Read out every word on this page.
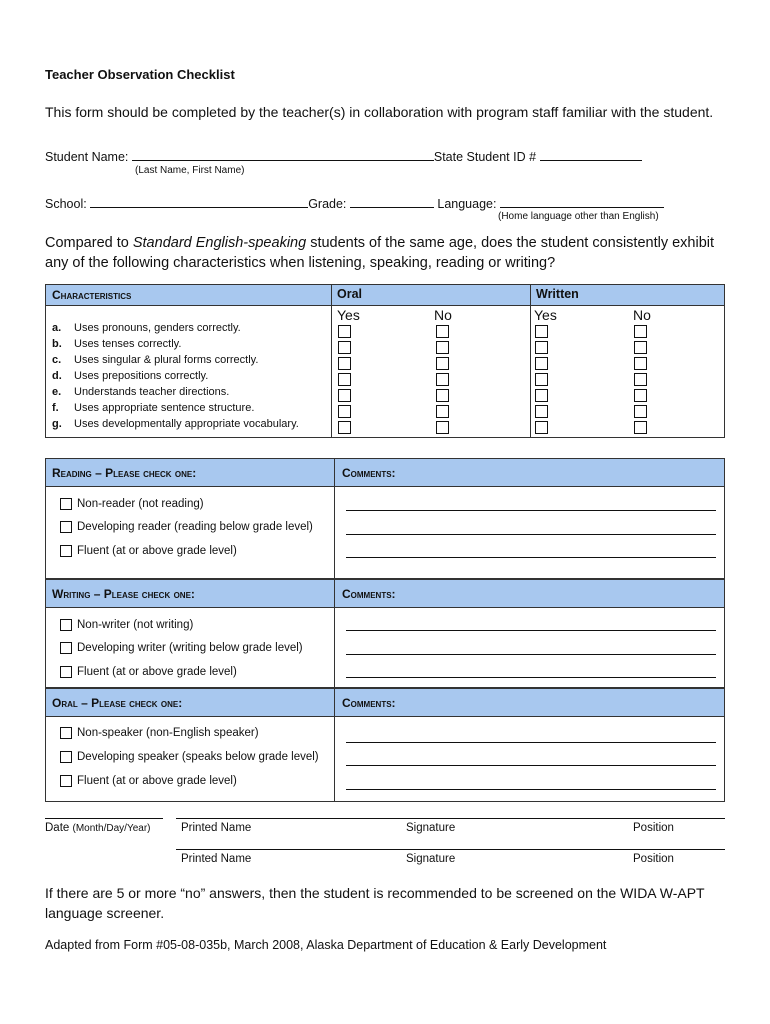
Teacher Observation Checklist
This form should be completed by the teacher(s) in collaboration with program staff familiar with the student.
Student Name:	State Student ID #
(Last Name, First Name)
School:	Grade:	Language:
(Home language other than English)
Compared to Standard English-speaking students of the same age, does the student consistently exhibit any of the following characteristics when listening, speaking, reading or writing?
Characteristics	Oral	Written
Yes	No	Yes	No
a. Uses pronouns, genders correctly.
b. Uses tenses correctly.
c. Uses singular & plural forms correctly.
d. Uses prepositions correctly.
e. Understands teacher directions.
f. Uses appropriate sentence structure.
g. Uses developmentally appropriate vocabulary.
Reading – Please check one:	Comments:
Non-reader (not reading)
Developing reader (reading below grade level)
Fluent (at or above grade level)
Writing – Please check one:	Comments:
Non-writer (not writing)
Developing writer (writing below grade level)
Fluent (at or above grade level)
Oral – Please check one:	Comments:
Non-speaker (non-English speaker)
Developing speaker (speaks below grade level)
Fluent (at or above grade level)
Date (Month/Day/Year)	Printed Name	Signature	Position
Printed Name	Signature	Position
If there are 5 or more “no” answers, then the student is recommended to be screened on the WIDA W-APT language screener.
Adapted from Form #05-08-035b, March 2008, Alaska Department of Education & Early Development
